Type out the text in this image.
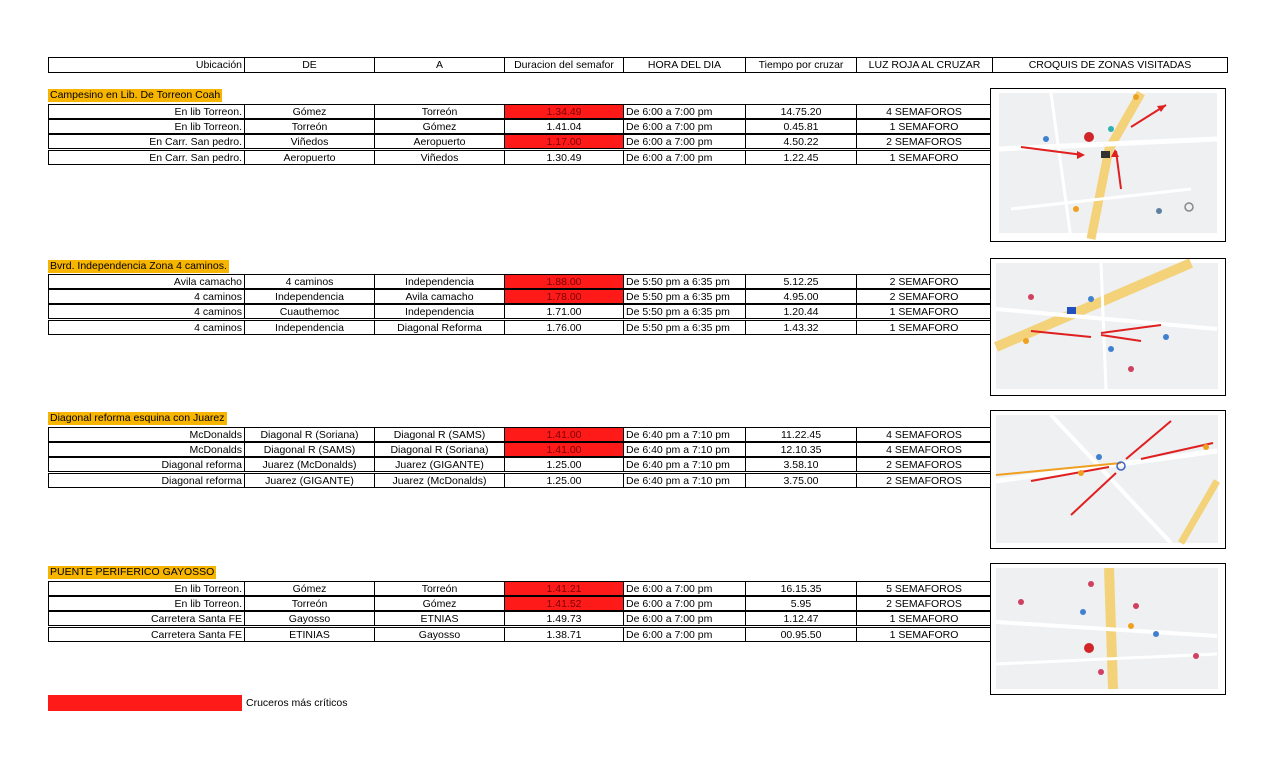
Ubicación	DE	A	Duracion del semafor	HORA DEL DIA	Tiempo por cruzar	LUZ ROJA AL CRUZAR	CROQUIS DE ZONAS VISITADAS
Campesino en Lib. De Torreon Coah
En lib Torreon.	Gómez	Torreón	1.34.49	De 6:00 a 7:00 pm	14.75.20	4 SEMAFOROS
En lib Torreon.	Torreón	Gómez	1.41.04	De 6:00 a 7:00 pm	0.45.81	1 SEMAFORO
En Carr. San pedro.	Viñedos	Aeropuerto	1.17.00	De 6:00 a 7:00 pm	4.50.22	2 SEMAFOROS
En Carr. San pedro.	Aeropuerto	Viñedos	1.30.49	De 6:00 a 7:00 pm	1.22.45	1 SEMAFORO
Bvrd. Independencia Zona 4 caminos.
Avila camacho	4 caminos	Independencia	1.88.00	De 5:50 pm a 6:35 pm	5.12.25	2 SEMAFORO
4 caminos	Independencia	Avila camacho	1.78.00	De 5:50 pm a 6:35 pm	4.95.00	2 SEMAFORO
4 caminos	Cuauthemoc	Independencia	1.71.00	De 5:50 pm a 6:35 pm	1.20.44	1 SEMAFORO
4 caminos	Independencia	Diagonal Reforma	1.76.00	De 5:50 pm a 6:35 pm	1.43.32	1 SEMAFORO
Diagonal reforma esquina con Juarez
McDonalds	Diagonal R (Soriana)	Diagonal R (SAMS)	1.41.00	De 6:40 pm a 7:10 pm	11.22.45	4 SEMAFOROS
McDonalds	Diagonal R (SAMS)	Diagonal R (Soriana)	1.41.00	De 6:40 pm a 7:10 pm	12.10.35	4 SEMAFOROS
Diagonal reforma	Juarez (McDonalds)	Juarez (GIGANTE)	1.25.00	De 6:40 pm a 7:10 pm	3.58.10	2 SEMAFOROS
Diagonal reforma	Juarez (GIGANTE)	Juarez (McDonalds)	1.25.00	De 6:40 pm a 7:10 pm	3.75.00	2 SEMAFOROS
PUENTE PERIFERICO GAYOSSO
En lib Torreon.	Gómez	Torreón	1.41.21	De 6:00 a 7:00 pm	16.15.35	5 SEMAFOROS
En lib Torreon.	Torreón	Gómez	1.41.52	De 6:00 a 7:00 pm	5.95	2 SEMAFOROS
Carretera Santa FE	Gayosso	ETNIAS	1.49.73	De 6:00 a 7:00 pm	1.12.47	1 SEMAFORO
Carretera Santa FE	ETINIAS	Gayosso	1.38.71	De 6:00 a 7:00 pm	00.95.50	1 SEMAFORO
Cruceros más críticos
